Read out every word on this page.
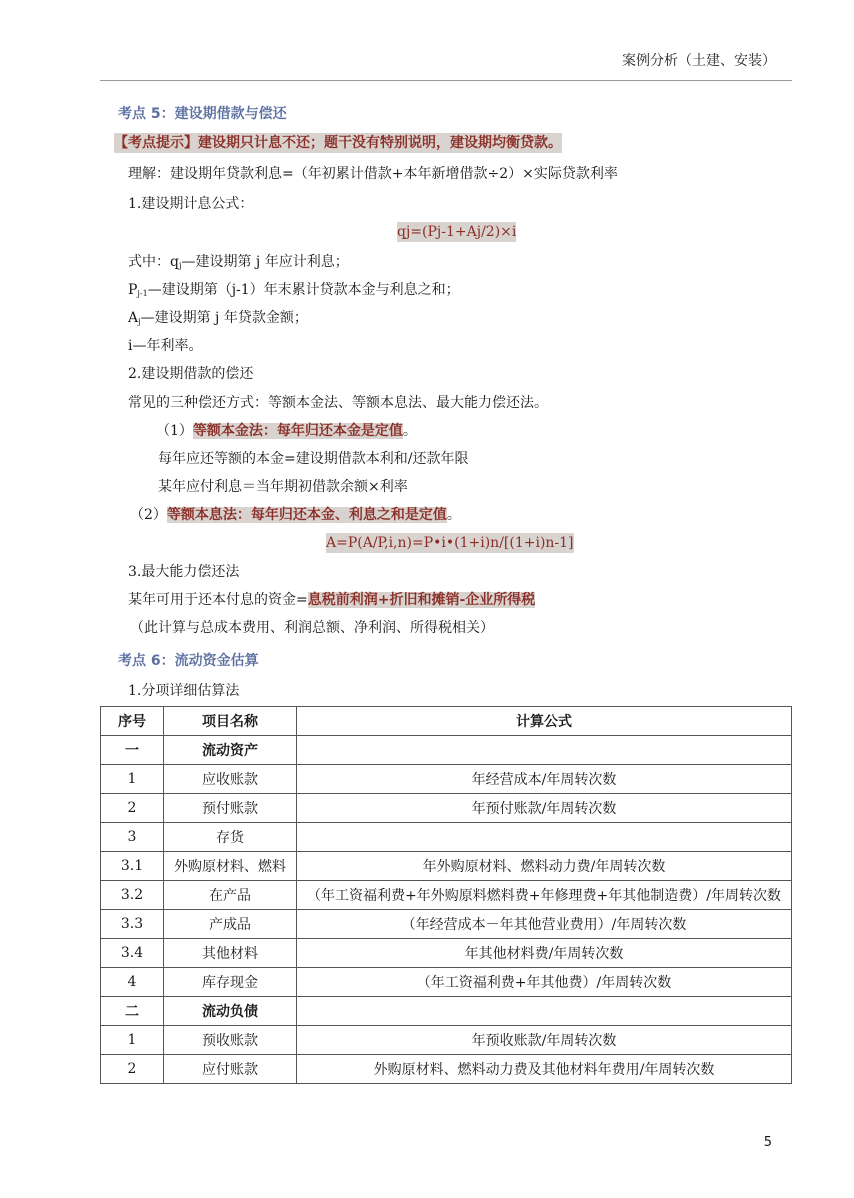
案例分析（土建、安装）
考点 5：建设期借款与偿还
【考点提示】建设期只计息不还；题干没有特别说明，建设期均衡贷款。
理解：建设期年贷款利息=（年初累计借款+本年新增借款÷2）×实际贷款利率
1.建设期计息公式：
qj=(Pj-1+Aj/2)×i
式中：$q_j—$建设期第 j 年应计利息；
$P_{j-1}—$建设期第（j-1）年末累计贷款本金与利息之和；
$A_j—$建设期第 j 年贷款金额；
i—年利率。
2.建设期借款的偿还
常见的三种偿还方式：等额本金法、等额本息法、最大能力偿还法。
（1）等额本金法：每年归还本金是定值。
每年应还等额的本金=建设期借款本利和/还款年限
某年应付利息＝当年期初借款余额×利率
（2）等额本息法：每年归还本金、利息之和是定值。
A=P(A/P,i,n)=P•i•(1+i)n/[(1+i)n-1]
3.最大能力偿还法
某年可用于还本付息的资金=息税前利润+折旧和摊销-企业所得税
（此计算与总成本费用、利润总额、净利润、所得税相关）
考点 6：流动资金估算
1.分项详细估算法
序号	项目名称	计算公式
一	流动资产	
1	应收账款	年经营成本/年周转次数
2	预付账款	年预付账款/年周转次数
3	存货	
3.1	外购原材料、燃料	年外购原材料、燃料动力费/年周转次数
3.2	在产品	（年工资福利费+年外购原料燃料费+年修理费+年其他制造费）/年周转次数
3.3	产成品	（年经营成本－年其他营业费用）/年周转次数
3.4	其他材料	年其他材料费/年周转次数
4	库存现金	（年工资福利费+年其他费）/年周转次数
二	流动负债	
1	预收账款	年预收账款/年周转次数
2	应付账款	外购原材料、燃料动力费及其他材料年费用/年周转次数
5
